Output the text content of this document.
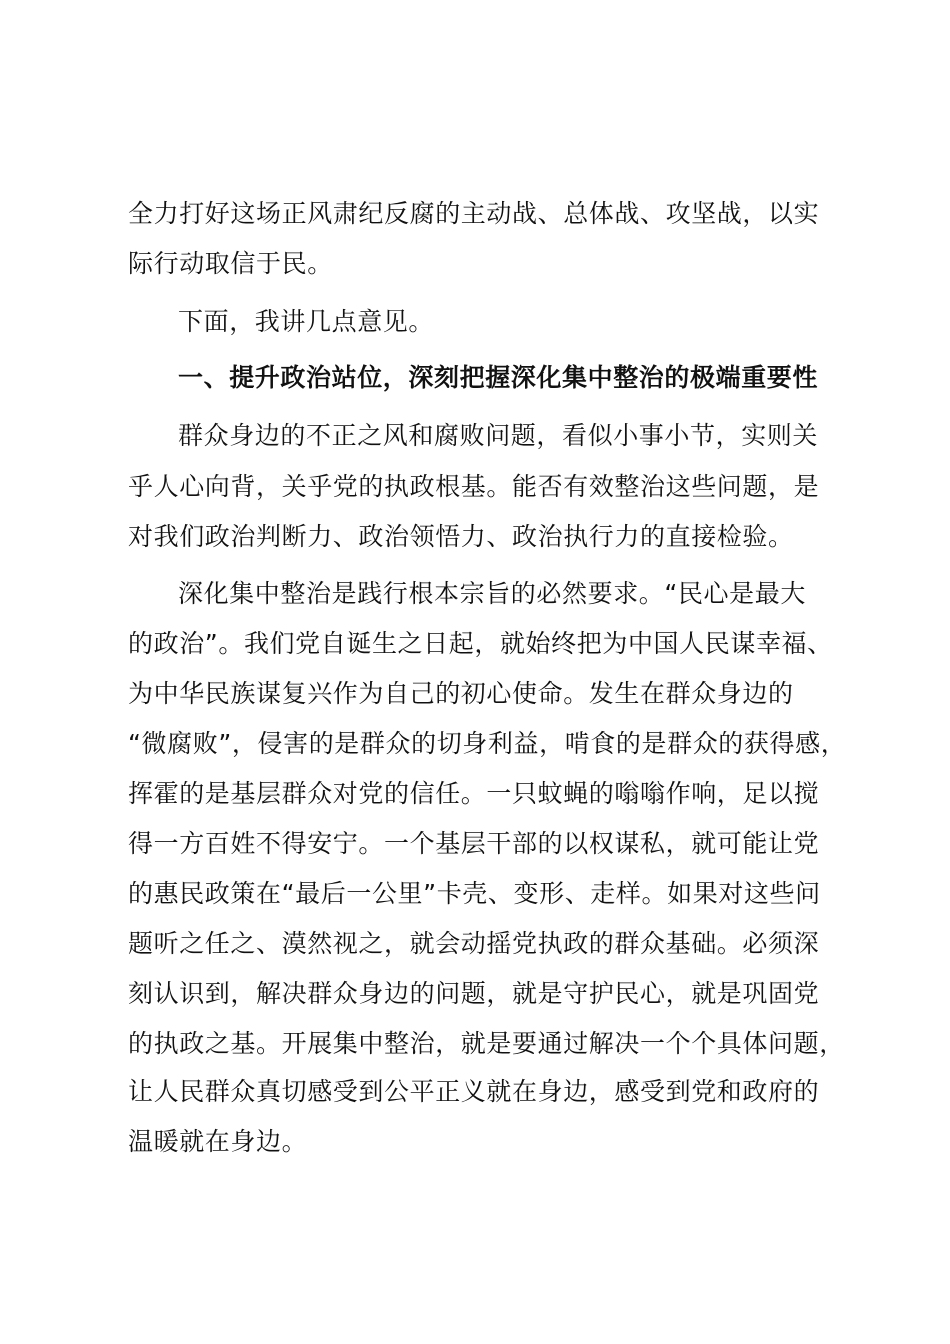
全力打好这场正风肃纪反腐的主动战、总体战、攻坚战，以实
际行动取信于民。
下面，我讲几点意见。
一、提升政治站位，深刻把握深化集中整治的极端重要性
群众身边的不正之风和腐败问题，看似小事小节，实则关
乎人心向背，关乎党的执政根基。能否有效整治这些问题，是
对我们政治判断力、政治领悟力、政治执行力的直接检验。
深化集中整治是践行根本宗旨的必然要求。“民心是最大
的政治”。我们党自诞生之日起，就始终把为中国人民谋幸福、
为中华民族谋复兴作为自己的初心使命。发生在群众身边的
“微腐败”，侵害的是群众的切身利益，啃食的是群众的获得感，
挥霍的是基层群众对党的信任。一只蚊蝇的嗡嗡作响，足以搅
得一方百姓不得安宁。一个基层干部的以权谋私，就可能让党
的惠民政策在“最后一公里”卡壳、变形、走样。如果对这些问
题听之任之、漠然视之，就会动摇党执政的群众基础。必须深
刻认识到，解决群众身边的问题，就是守护民心，就是巩固党
的执政之基。开展集中整治，就是要通过解决一个个具体问题，
让人民群众真切感受到公平正义就在身边，感受到党和政府的
温暖就在身边。
